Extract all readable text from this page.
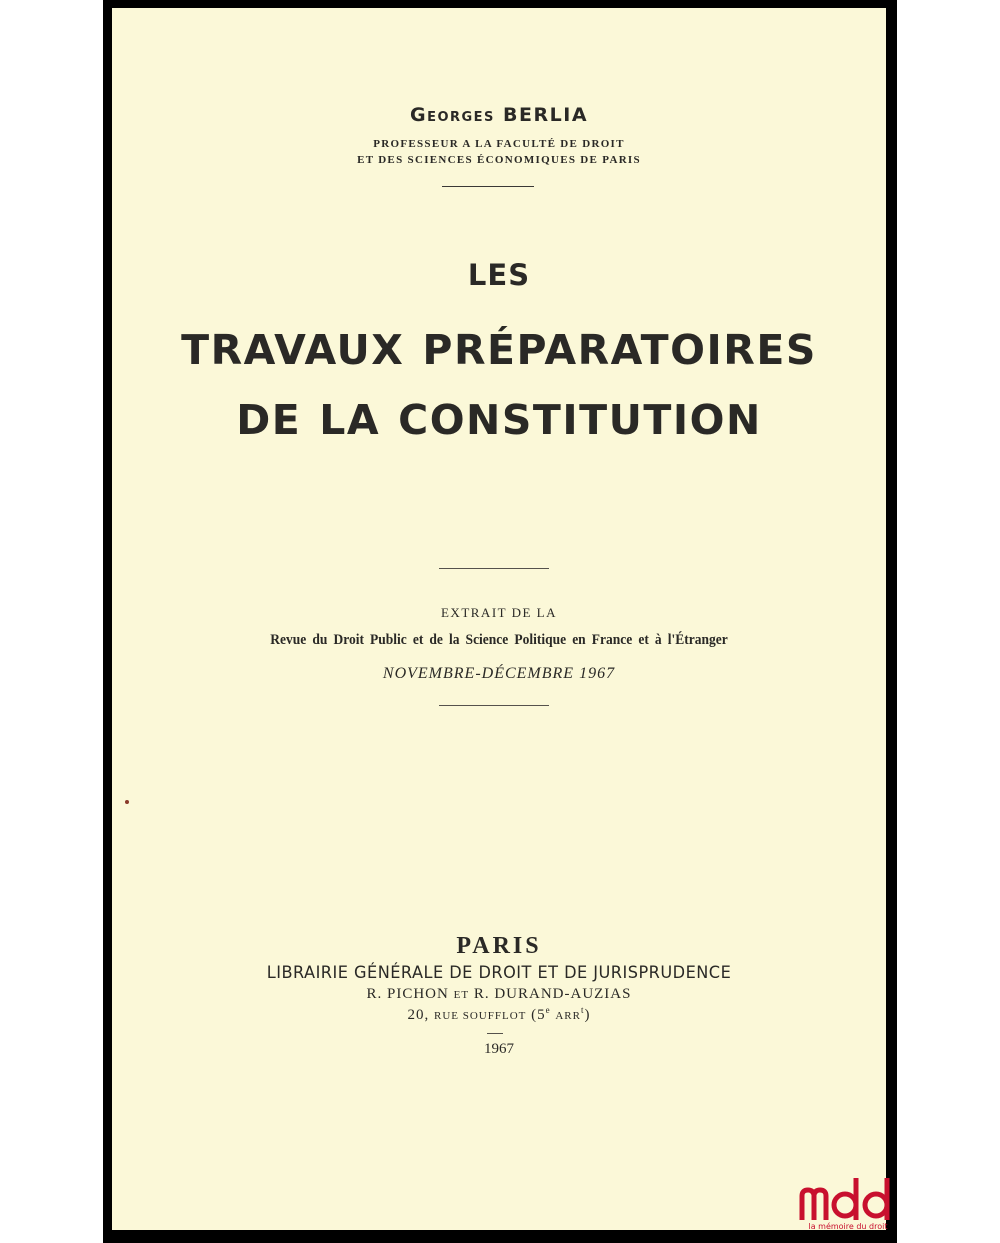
Georges BERLIA
PROFESSEUR A LA FACULTÉ DE DROIT
ET DES SCIENCES ÉCONOMIQUES DE PARIS
LES
TRAVAUX PRÉPARATOIRES
DE LA CONSTITUTION
EXTRAIT DE LA
Revue du Droit Public et de la Science Politique en France et à l'Étranger
NOVEMBRE-DÉCEMBRE 1967
PARIS
LIBRAIRIE GÉNÉRALE DE DROIT ET DE JURISPRUDENCE
R. PICHON ET R. DURAND-AUZIAS
20, RUE SOUFFLOT (5e ARR$^t$)
1967
la mémoire du droit
